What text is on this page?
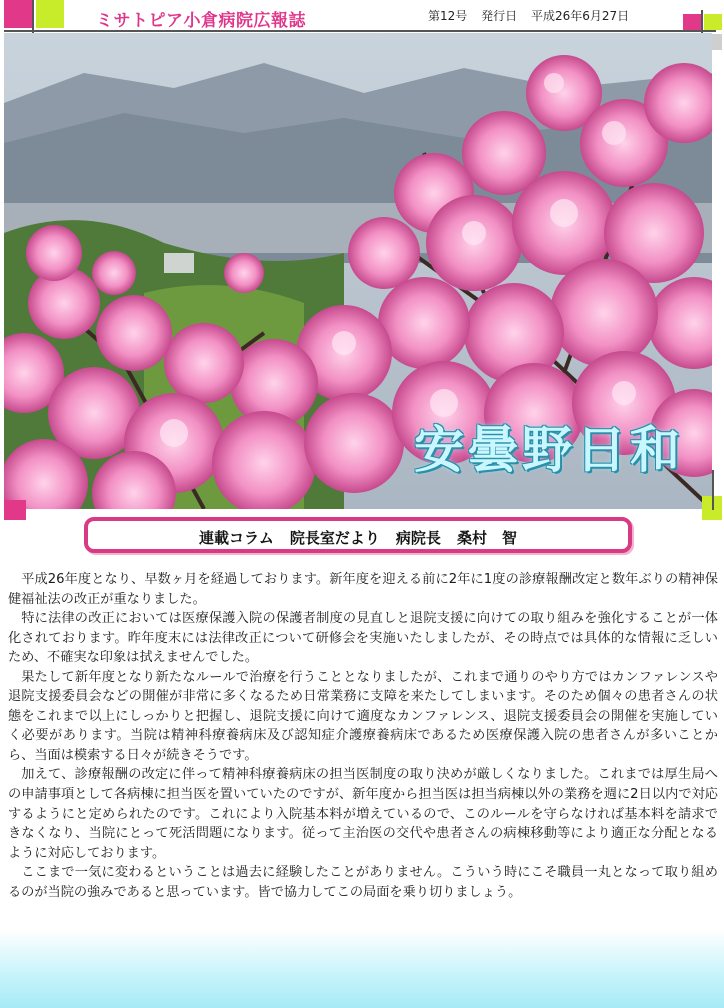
ミサトピア小倉病院広報誌	第12号 発行日 平成26年6月27日
安曇野日和
連載コラム 院長室だより 病院長 桑村　智

平成26年度となり、早数ヶ月を経過しております。新年度を迎える前に2年に1度の診療報酬改定と数年ぶりの精神保健福祉法の改正が重なりました。

特に法律の改正においては医療保護入院の保護者制度の見直しと退院支援に向けての取り組みを強化することが一体化されております。昨年度末には法律改正について研修会を実施いたしましたが、その時点では具体的な情報に乏しいため、不確実な印象は拭えませんでした。

果たして新年度となり新たなルールで治療を行うこととなりましたが、これまで通りのやり方ではカンファレンスや退院支援委員会などの開催が非常に多くなるため日常業務に支障を来たしてしまいます。そのため個々の患者さんの状態をこれまで以上にしっかりと把握し、退院支援に向けて適度なカンファレンス、退院支援委員会の開催を実施していく必要があります。当院は精神科療養病床及び認知症介護療養病床であるため医療保護入院の患者さんが多いことから、当面は模索する日々が続きそうです。

加えて、診療報酬の改定に伴って精神科療養病床の担当医制度の取り決めが厳しくなりました。これまでは厚生局への申請事項として各病棟に担当医を置いていたのですが、新年度から担当医は担当病棟以外の業務を週に2日以内で対応するようにと定められたのです。これにより入院基本料が増えているので、このルールを守らなければ基本料を請求できなくなり、当院にとって死活問題になります。従って主治医の交代や患者さんの病棟移動等により適正な分配となるように対応しております。

ここまで一気に変わるということは過去に経験したことがありません。こういう時にこそ職員一丸となって取り組めるのが当院の強みであると思っています。皆で協力してこの局面を乗り切りましょう。
